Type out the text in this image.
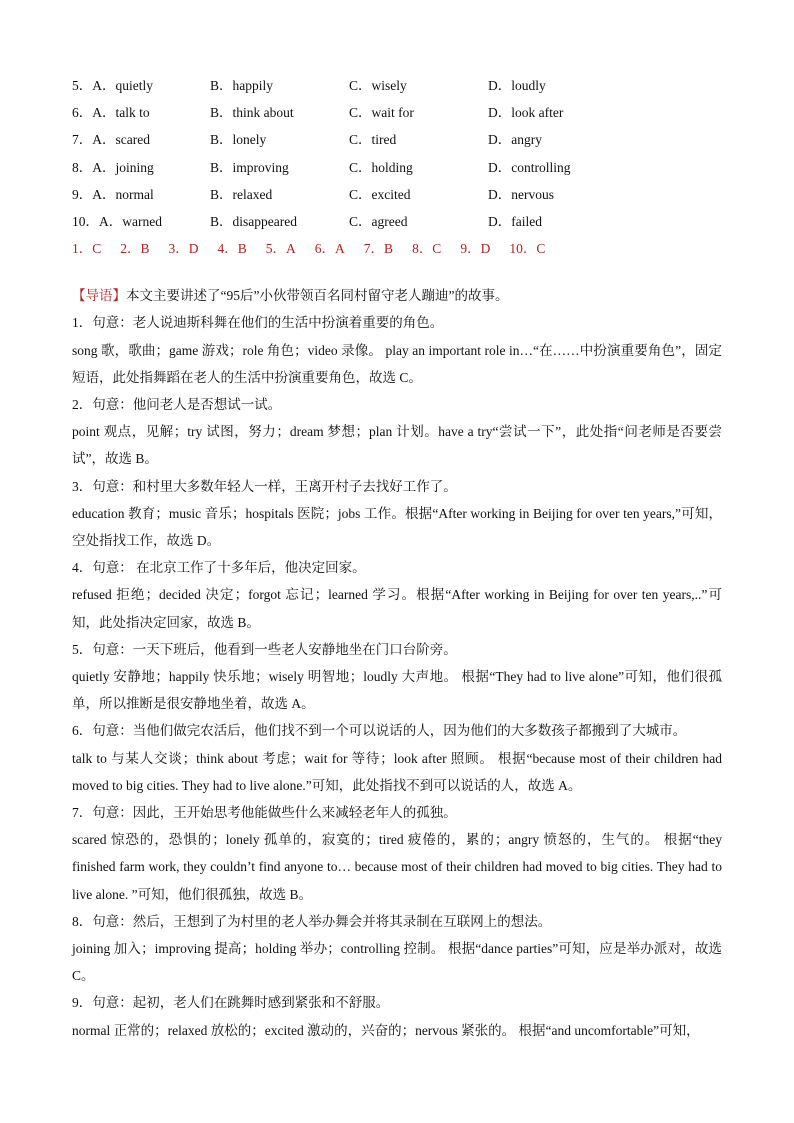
5．A．quietly	B．happily	C．wisely	D．loudly
6．A．talk to	B．think about	C．wait for	D．look after
7．A．scared	B．lonely	C．tired	D．angry
8．A．joining	B．improving	C．holding	D．controlling
9．A．normal	B．relaxed	C．excited	D．nervous
10．A．warned	B．disappeared	C．agreed	D．failed
1．C 2．B 3．D 4．B 5．A 6．A 7．B 8．C 9．D 10．C
【导语】本文主要讲述了“95后”小伙带领百名同村留守老人蹦迪”的故事。
1．句意：老人说迪斯科舞在他们的生活中扮演着重要的角色。
song 歌，歌曲；game 游戏；role 角色；video 录像。 play an important role in…“在……中扮演重要角色”，固定短语，此处指舞蹈在老人的生活中扮演重要角色，故选 C。
2．句意：他问老人是否想试一试。
point 观点，见解；try 试图，努力；dream 梦想；plan 计划。have a try“尝试一下”，此处指“问老师是否要尝试”，故选 B。
3．句意：和村里大多数年轻人一样，王离开村子去找好工作了。
education 教育；music 音乐；hospitals 医院；jobs 工作。根据“After working in Beijing for over ten years,”可知，空处指找工作，故选 D。
4．句意： 在北京工作了十多年后，他决定回家。
refused 拒绝；decided 决定；forgot 忘记；learned 学习。根据“After working in Beijing for over ten years,..”可知，此处指决定回家，故选 B。
5．句意：一天下班后，他看到一些老人安静地坐在门口台阶旁。
quietly 安静地；happily 快乐地；wisely 明智地；loudly 大声地。 根据“They had to live alone”可知，他们很孤单，所以推断是很安静地坐着，故选 A。
6．句意：当他们做完农活后，他们找不到一个可以说话的人，因为他们的大多数孩子都搬到了大城市。
talk to 与某人交谈；think about 考虑；wait for 等待；look after 照顾。 根据“because most of their children had moved to big cities. They had to live alone.”可知，此处指找不到可以说话的人，故选 A。
7．句意：因此，王开始思考他能做些什么来减轻老年人的孤独。
scared 惊恐的，恐惧的；lonely 孤单的，寂寞的；tired 疲倦的，累的；angry 愤怒的，生气的。 根据“they finished farm work, they couldn’t find anyone to… because most of their children had moved to big cities. They had to live alone. ”可知，他们很孤独，故选 B。
8．句意：然后，王想到了为村里的老人举办舞会并将其录制在互联网上的想法。
joining 加入；improving 提高；holding 举办；controlling 控制。 根据“dance parties”可知，应是举办派对，故选 C。
9．句意：起初，老人们在跳舞时感到紧张和不舒服。
normal 正常的；relaxed 放松的；excited 激动的，兴奋的；nervous 紧张的。 根据“and uncomfortable”可知，
